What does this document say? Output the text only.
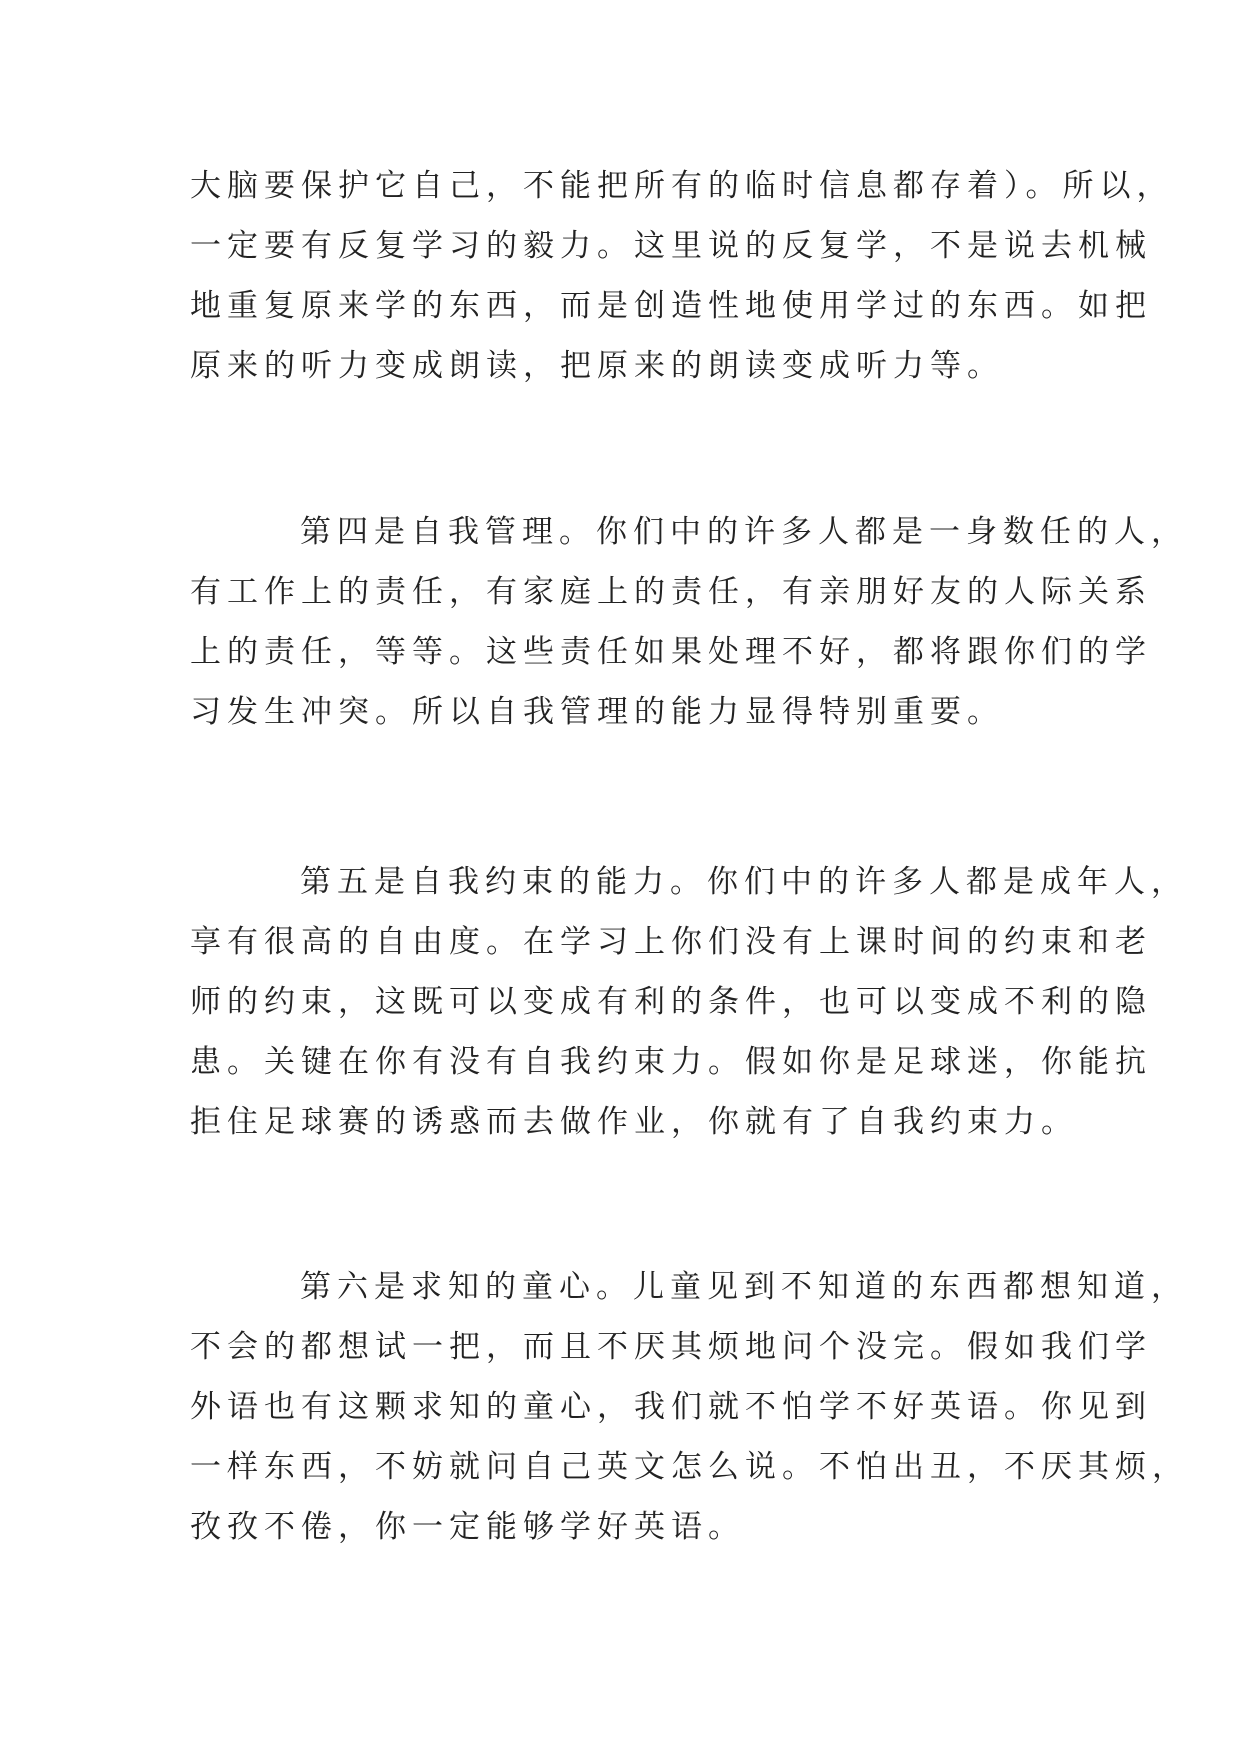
大脑要保护它自己，不能把所有的临时信息都存着）。所以，
一定要有反复学习的毅力。这里说的反复学，不是说去机械
地重复原来学的东西，而是创造性地使用学过的东西。如把
原来的听力变成朗读，把原来的朗读变成听力等。
第四是自我管理。你们中的许多人都是一身数任的人，
有工作上的责任，有家庭上的责任，有亲朋好友的人际关系
上的责任，等等。这些责任如果处理不好，都将跟你们的学
习发生冲突。所以自我管理的能力显得特别重要。
第五是自我约束的能力。你们中的许多人都是成年人，
享有很高的自由度。在学习上你们没有上课时间的约束和老
师的约束，这既可以变成有利的条件，也可以变成不利的隐
患。关键在你有没有自我约束力。假如你是足球迷，你能抗
拒住足球赛的诱惑而去做作业，你就有了自我约束力。
第六是求知的童心。儿童见到不知道的东西都想知道，
不会的都想试一把，而且不厌其烦地问个没完。假如我们学
外语也有这颗求知的童心，我们就不怕学不好英语。你见到
一样东西，不妨就问自己英文怎么说。不怕出丑，不厌其烦，
孜孜不倦，你一定能够学好英语。
